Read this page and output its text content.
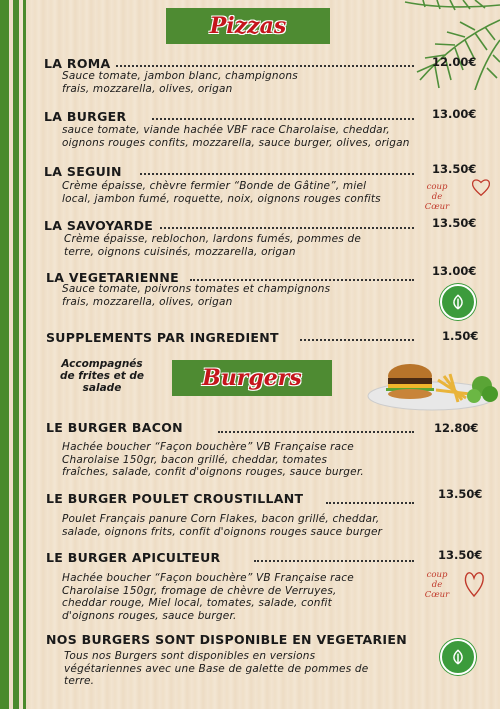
Pizzas
LA ROMA	12.00€
Sauce tomate, jambon blanc, champignons
frais, mozzarella, olives, origan
LA BURGER	13.00€
sauce tomate, viande hachée VBF race Charolaise, cheddar,
oignons rouges confits, mozzarella, sauce burger, olives, origan
LA SEGUIN	13.50€
Crème épaisse, chèvre fermier “Bonde de Gâtine”, miel
local, jambon fumé, roquette, noix, oignons rouges confits
coup
de
Cœur
LA SAVOYARDE	13.50€
Crème épaisse, reblochon, lardons fumés, pommes de
terre, oignons cuisinés, mozzarella, origan
LA VEGETARIENNE	13.00€
Sauce tomate, poivrons tomates et champignons
frais, mozzarella, olives, origan
SUPPLEMENTS PAR INGREDIENT	1.50€
Accompagnés
de frites et de
salade	Burgers
LE BURGER BACON	12.80€
Hachée boucher “Façon bouchère” VB Française race
Charolaise 150gr, bacon grillé, cheddar, tomates
fraîches, salade, confit d'oignons rouges, sauce burger.
LE BURGER POULET CROUSTILLANT	13.50€
Poulet Français panure Corn Flakes, bacon grillé, cheddar,
salade, oignons frits, confit d'oignons rouges sauce burger
LE BURGER APICULTEUR	13.50€
Hachée boucher “Façon bouchère” VB Française race
Charolaise 150gr, fromage de chèvre de Verruyes,
cheddar rouge, Miel local, tomates, salade, confit
d'oignons rouges, sauce burger.
coup
de
Cœur
NOS BURGERS SONT DISPONIBLE EN VEGETARIEN
Tous nos Burgers sont disponibles en versions
végétariennes avec une Base de galette de pommes de
terre.
